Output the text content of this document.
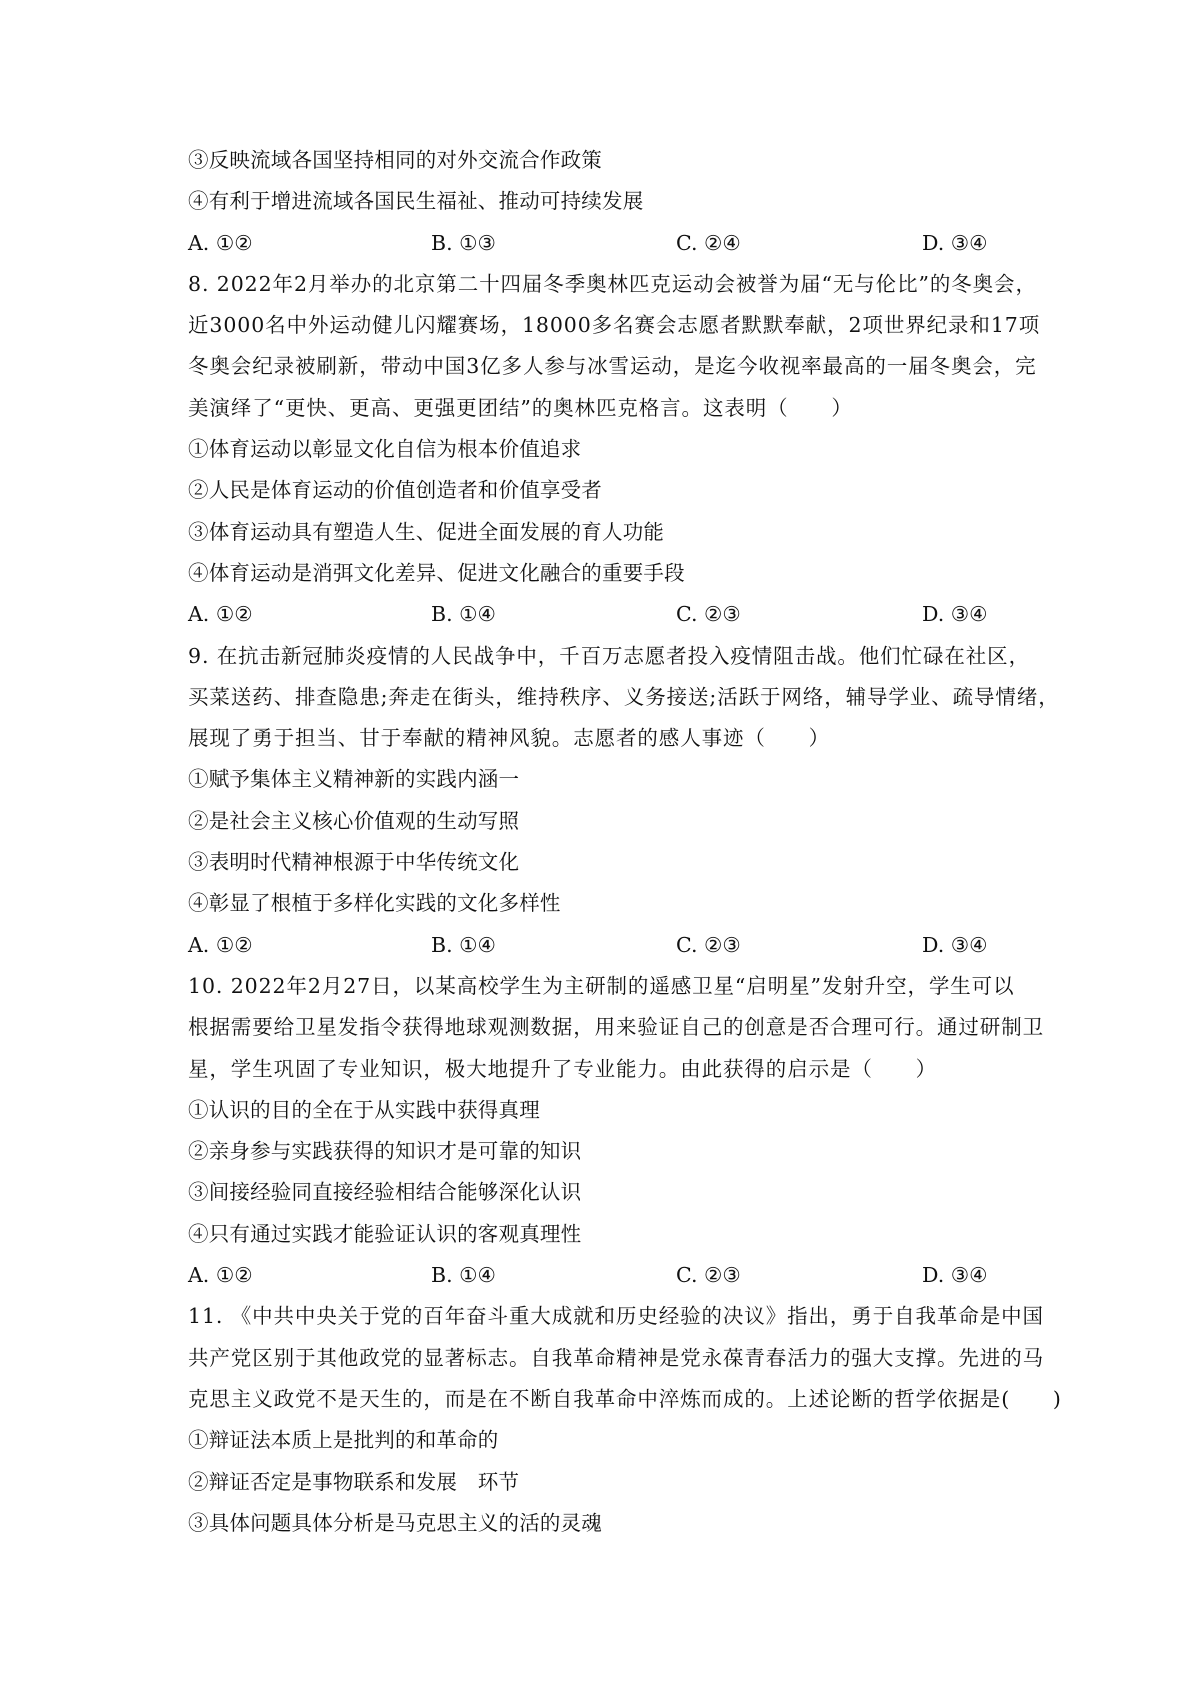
③反映流域各国坚持相同的对外交流合作政策
④有利于增进流域各国民生福祉、推动可持续发展
A. ①②	B. ①③	C. ②④	D. ③④
8. 2022年2月举办的北京第二十四届冬季奥林匹克运动会被誉为届“无与伦比”的冬奥会，
近3000名中外运动健儿闪耀赛场，18000多名赛会志愿者默默奉献，2项世界纪录和17项
冬奥会纪录被刷新，带动中国3亿多人参与冰雪运动，是迄今收视率最高的一届冬奥会，完
美演绎了“更快、更高、更强更团结”的奥林匹克格言。这表明（　　）
①体育运动以彰显文化自信为根本价值追求
②人民是体育运动的价值创造者和价值享受者
③体育运动具有塑造人生、促进全面发展的育人功能
④体育运动是消弭文化差异、促进文化融合的重要手段
A. ①②	B. ①④	C. ②③	D. ③④
9. 在抗击新冠肺炎疫情的人民战争中，千百万志愿者投入疫情阻击战。他们忙碌在社区，
买菜送药、排查隐患;奔走在街头，维持秩序、义务接送;活跃于网络，辅导学业、疏导情绪，
展现了勇于担当、甘于奉献的精神风貌。志愿者的感人事迹（　　）
①赋予集体主义精神新的实践内涵一
②是社会主义核心价值观的生动写照
③表明时代精神根源于中华传统文化
④彰显了根植于多样化实践的文化多样性
A. ①②	B. ①④	C. ②③	D. ③④
10. 2022年2月27日，以某高校学生为主研制的遥感卫星“启明星”发射升空，学生可以
根据需要给卫星发指令获得地球观测数据，用来验证自己的创意是否合理可行。通过研制卫
星，学生巩固了专业知识，极大地提升了专业能力。由此获得的启示是（　　）
①认识的目的全在于从实践中获得真理
②亲身参与实践获得的知识才是可靠的知识
③间接经验同直接经验相结合能够深化认识
④只有通过实践才能验证认识的客观真理性
A. ①②	B. ①④	C. ②③	D. ③④
11. 《中共中央关于党的百年奋斗重大成就和历史经验的决议》指出，勇于自我革命是中国
共产党区别于其他政党的显著标志。自我革命精神是党永葆青春活力的强大支撑。先进的马
克思主义政党不是天生的，而是在不断自我革命中淬炼而成的。上述论断的哲学依据是(　　)
①辩证法本质上是批判的和革命的
②辩证否定是事物联系和发展　环节
③具体问题具体分析是马克思主义的活的灵魂
